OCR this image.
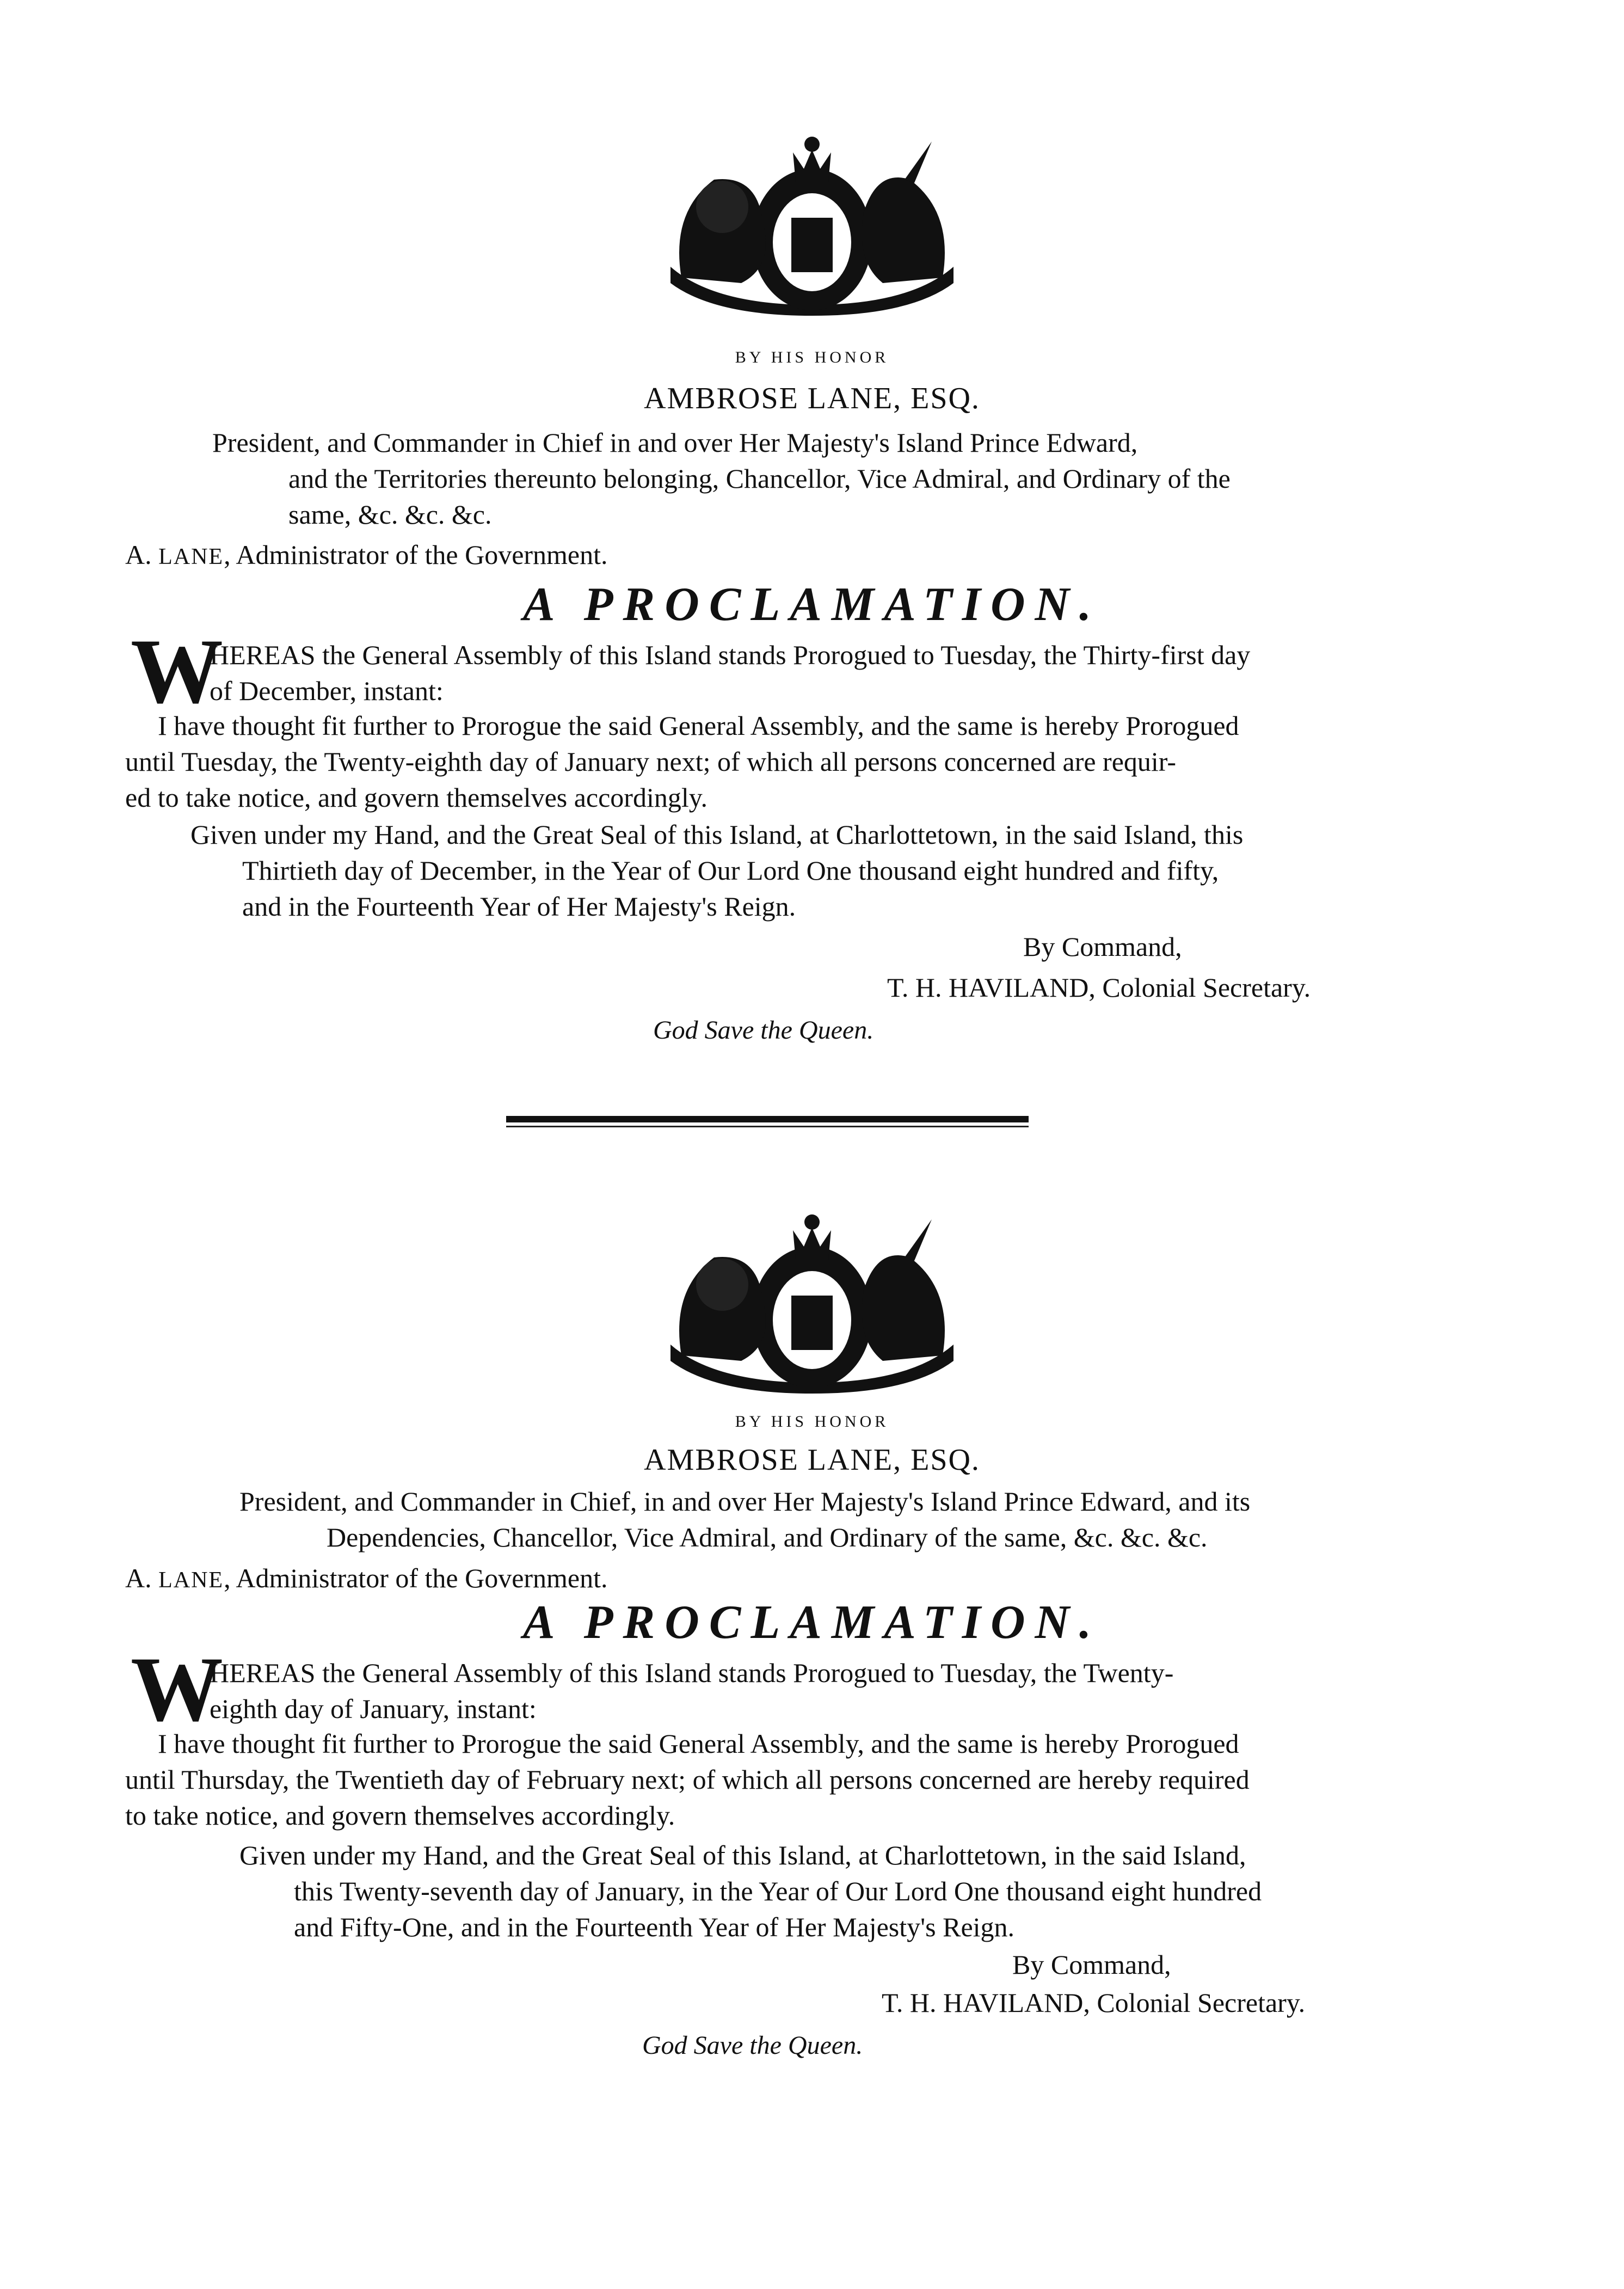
BY HIS HONOR
AMBROSE LANE, ESQ.
President, and Commander in Chief in and over Her Majesty's Island Prince Edward,
and the Territories thereunto belonging, Chancellor, Vice Admiral, and Ordinary of the
same, &c. &c. &c.
A. LANE, Administrator of the Government.
A PROCLAMATION.
W
HEREAS the General Assembly of this Island stands Prorogued to Tuesday, the Thirty-first day
of December, instant:
I have thought fit further to Prorogue the said General Assembly, and the same is hereby Prorogued
until Tuesday, the Twenty-eighth day of January next; of which all persons concerned are requir-
ed to take notice, and govern themselves accordingly.
Given under my Hand, and the Great Seal of this Island, at Charlottetown, in the said Island, this
Thirtieth day of December, in the Year of Our Lord One thousand eight hundred and fifty,
and in the Fourteenth Year of Her Majesty's Reign.
By Command,
T. H. HAVILAND, Colonial Secretary.
God Save the Queen.
BY HIS HONOR
AMBROSE LANE, ESQ.
President, and Commander in Chief, in and over Her Majesty's Island Prince Edward, and its
Dependencies, Chancellor, Vice Admiral, and Ordinary of the same, &c. &c. &c.
A. LANE, Administrator of the Government.
A PROCLAMATION.
W
HEREAS the General Assembly of this Island stands Prorogued to Tuesday, the Twenty-
eighth day of January, instant:
I have thought fit further to Prorogue the said General Assembly, and the same is hereby Prorogued
until Thursday, the Twentieth day of February next; of which all persons concerned are hereby required
to take notice, and govern themselves accordingly.
Given under my Hand, and the Great Seal of this Island, at Charlottetown, in the said Island,
this Twenty-seventh day of January, in the Year of Our Lord One thousand eight hundred
and Fifty-One, and in the Fourteenth Year of Her Majesty's Reign.
By Command,
T. H. HAVILAND, Colonial Secretary.
God Save the Queen.
